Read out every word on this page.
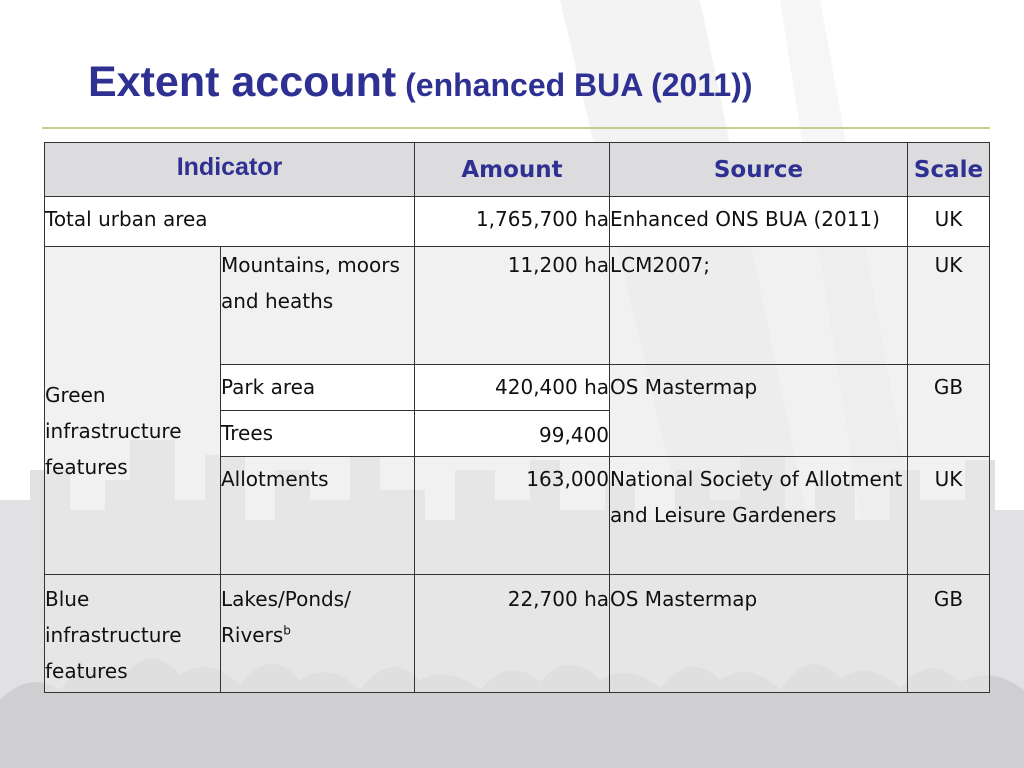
Extent account (enhanced BUA (2011))
Indicator		Amount	Source	Scale
Total urban area		1,765,700 ha	Enhanced ONS BUA (2011)	UK
Green infrastructure features	Mountains, moors and heaths	11,200 ha	LCM2007;	UK
	Park area	420,400 ha	OS Mastermap	GB
	Trees	99,400		
	Allotments	163,000	National Society of Allotment and Leisure Gardeners	UK
Blue infrastructure features	Lakes/Ponds/ Rivers$^b$	22,700 ha	OS Mastermap	GB
